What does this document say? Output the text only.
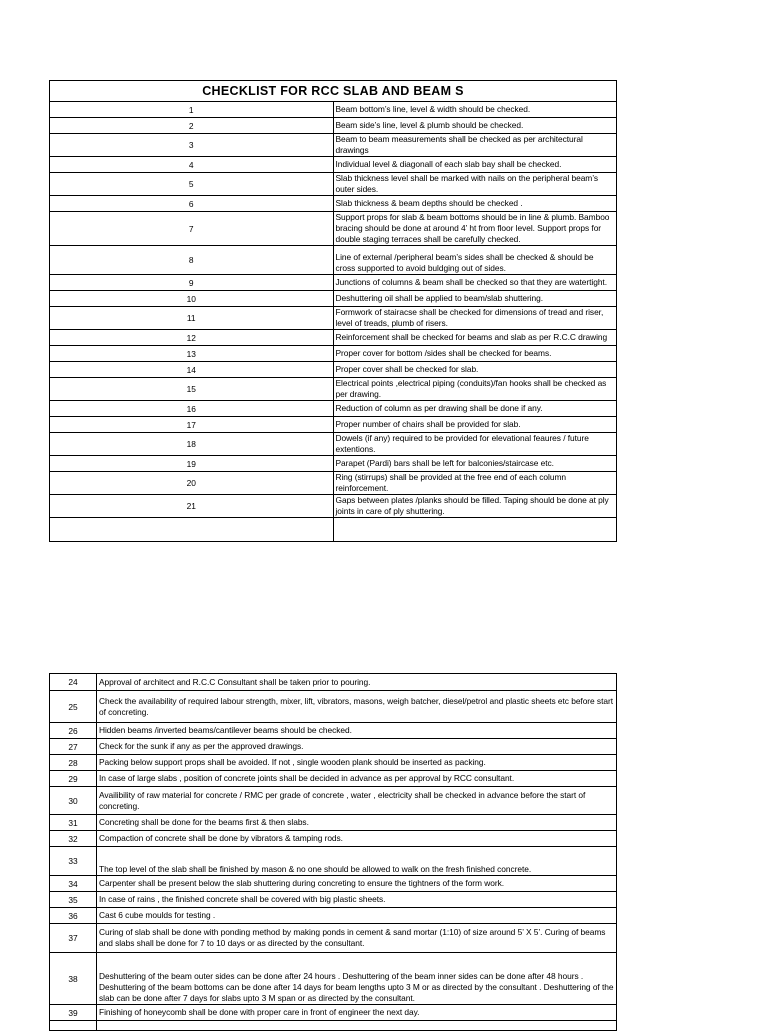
CHECKLIST FOR RCC SLAB AND BEAM S	
1	Beam bottom’s line, level & width should be checked.
2	Beam side’s line, level & plumb should be checked.
3	Beam to beam measurements shall be checked as per architectural drawings
4	Individual level & diagonall of each slab bay shall be checked.
5	Slab thickness level shall be marked with nails on the peripheral beam’s outer sides.
6	Slab thickness & beam depths should be checked .
7	Support props for slab & beam bottoms should be in line & plumb. Bamboo bracing should be done at around 4’ ht from floor level. Support props for double staging terraces shall be carefully checked.
8	Line of external /peripheral beam’s sides shall be checked & should be cross supported to avoid buldging out of sides.
9	Junctions of columns & beam shall be checked so that they are watertight.
10	Deshuttering oil shall be applied to beam/slab shuttering.
11	Formwork of stairacse shall be checked for dimensions of tread and riser, level of treads, plumb of risers.
12	Reinforcement shall be checked for beams and slab as per R.C.C drawing
13	Proper cover for bottom /sides shall be checked for beams.
14	Proper cover shall be checked for slab.
15	Electrical points ,electrical piping (conduits)/fan hooks shall be checked as per drawing.
16	Reduction of column as per drawing shall be done if any.
17	Proper number of chairs shall be provided for slab.
18	Dowels (if any) required to be provided for elevational feaures / future extentions.
19	Parapet (Pardi) bars shall be left for balconies/staircase etc.
20	Ring (stirrups) shall be provided at the free end of each column reinforcement.
21	Gaps between plates /planks should be filled. Taping should be done at ply joints in care of ply shuttering.

24	Approval of architect and R.C.C Consultant shall be taken prior to pouring.
25	Check the availability of required labour strength, mixer, lift, vibrators, masons, weigh batcher, diesel/petrol and plastic sheets etc before start of concreting.
26	Hidden beams /inverted beams/cantilever beams should be checked.
27	Check for the sunk if any as per the approved drawings.
28	Packing below support props shall be avoided. If not , single wooden plank should be inserted as packing.
29	In case of large slabs , position of concrete joints shall be decided in advance as per approval by RCC consultant.
30	Availibility of raw material for concrete / RMC per grade of concrete , water , electricity shall be checked in advance before the start of concreting.
31	Concreting shall be done for the beams first & then slabs.
32	Compaction of concrete shall be done by vibrators & tamping rods.
33	The top level of the slab shall be finished by mason & no one should be allowed to walk on the fresh finished concrete.
34	Carpenter shall be present below the slab shuttering during concreting to ensure the tightners of the form work.
35	In case of rains , the finished concrete shall be covered with big plastic sheets.
36	Cast 6 cube moulds for testing .
37	Curing of slab shall be done with ponding method by making ponds in cement & sand mortar (1:10) of size around 5’ X 5’. Curing of beams and slabs shall be done for 7 to 10 days or as directed by the consultant.
38	Deshuttering of the beam outer sides can be done after 24 hours . Deshuttering of the beam inner sides can be done after 48 hours . Deshuttering of the beam bottoms can be done after 14 days for beam lengths upto 3 M or as directed by the consultant . Deshuttering of the slab can be done after 7 days for slabs upto 3 M span or as directed by the consultant.
39	Finishing of honeycomb shall be done with proper care in front of engineer the next day.
